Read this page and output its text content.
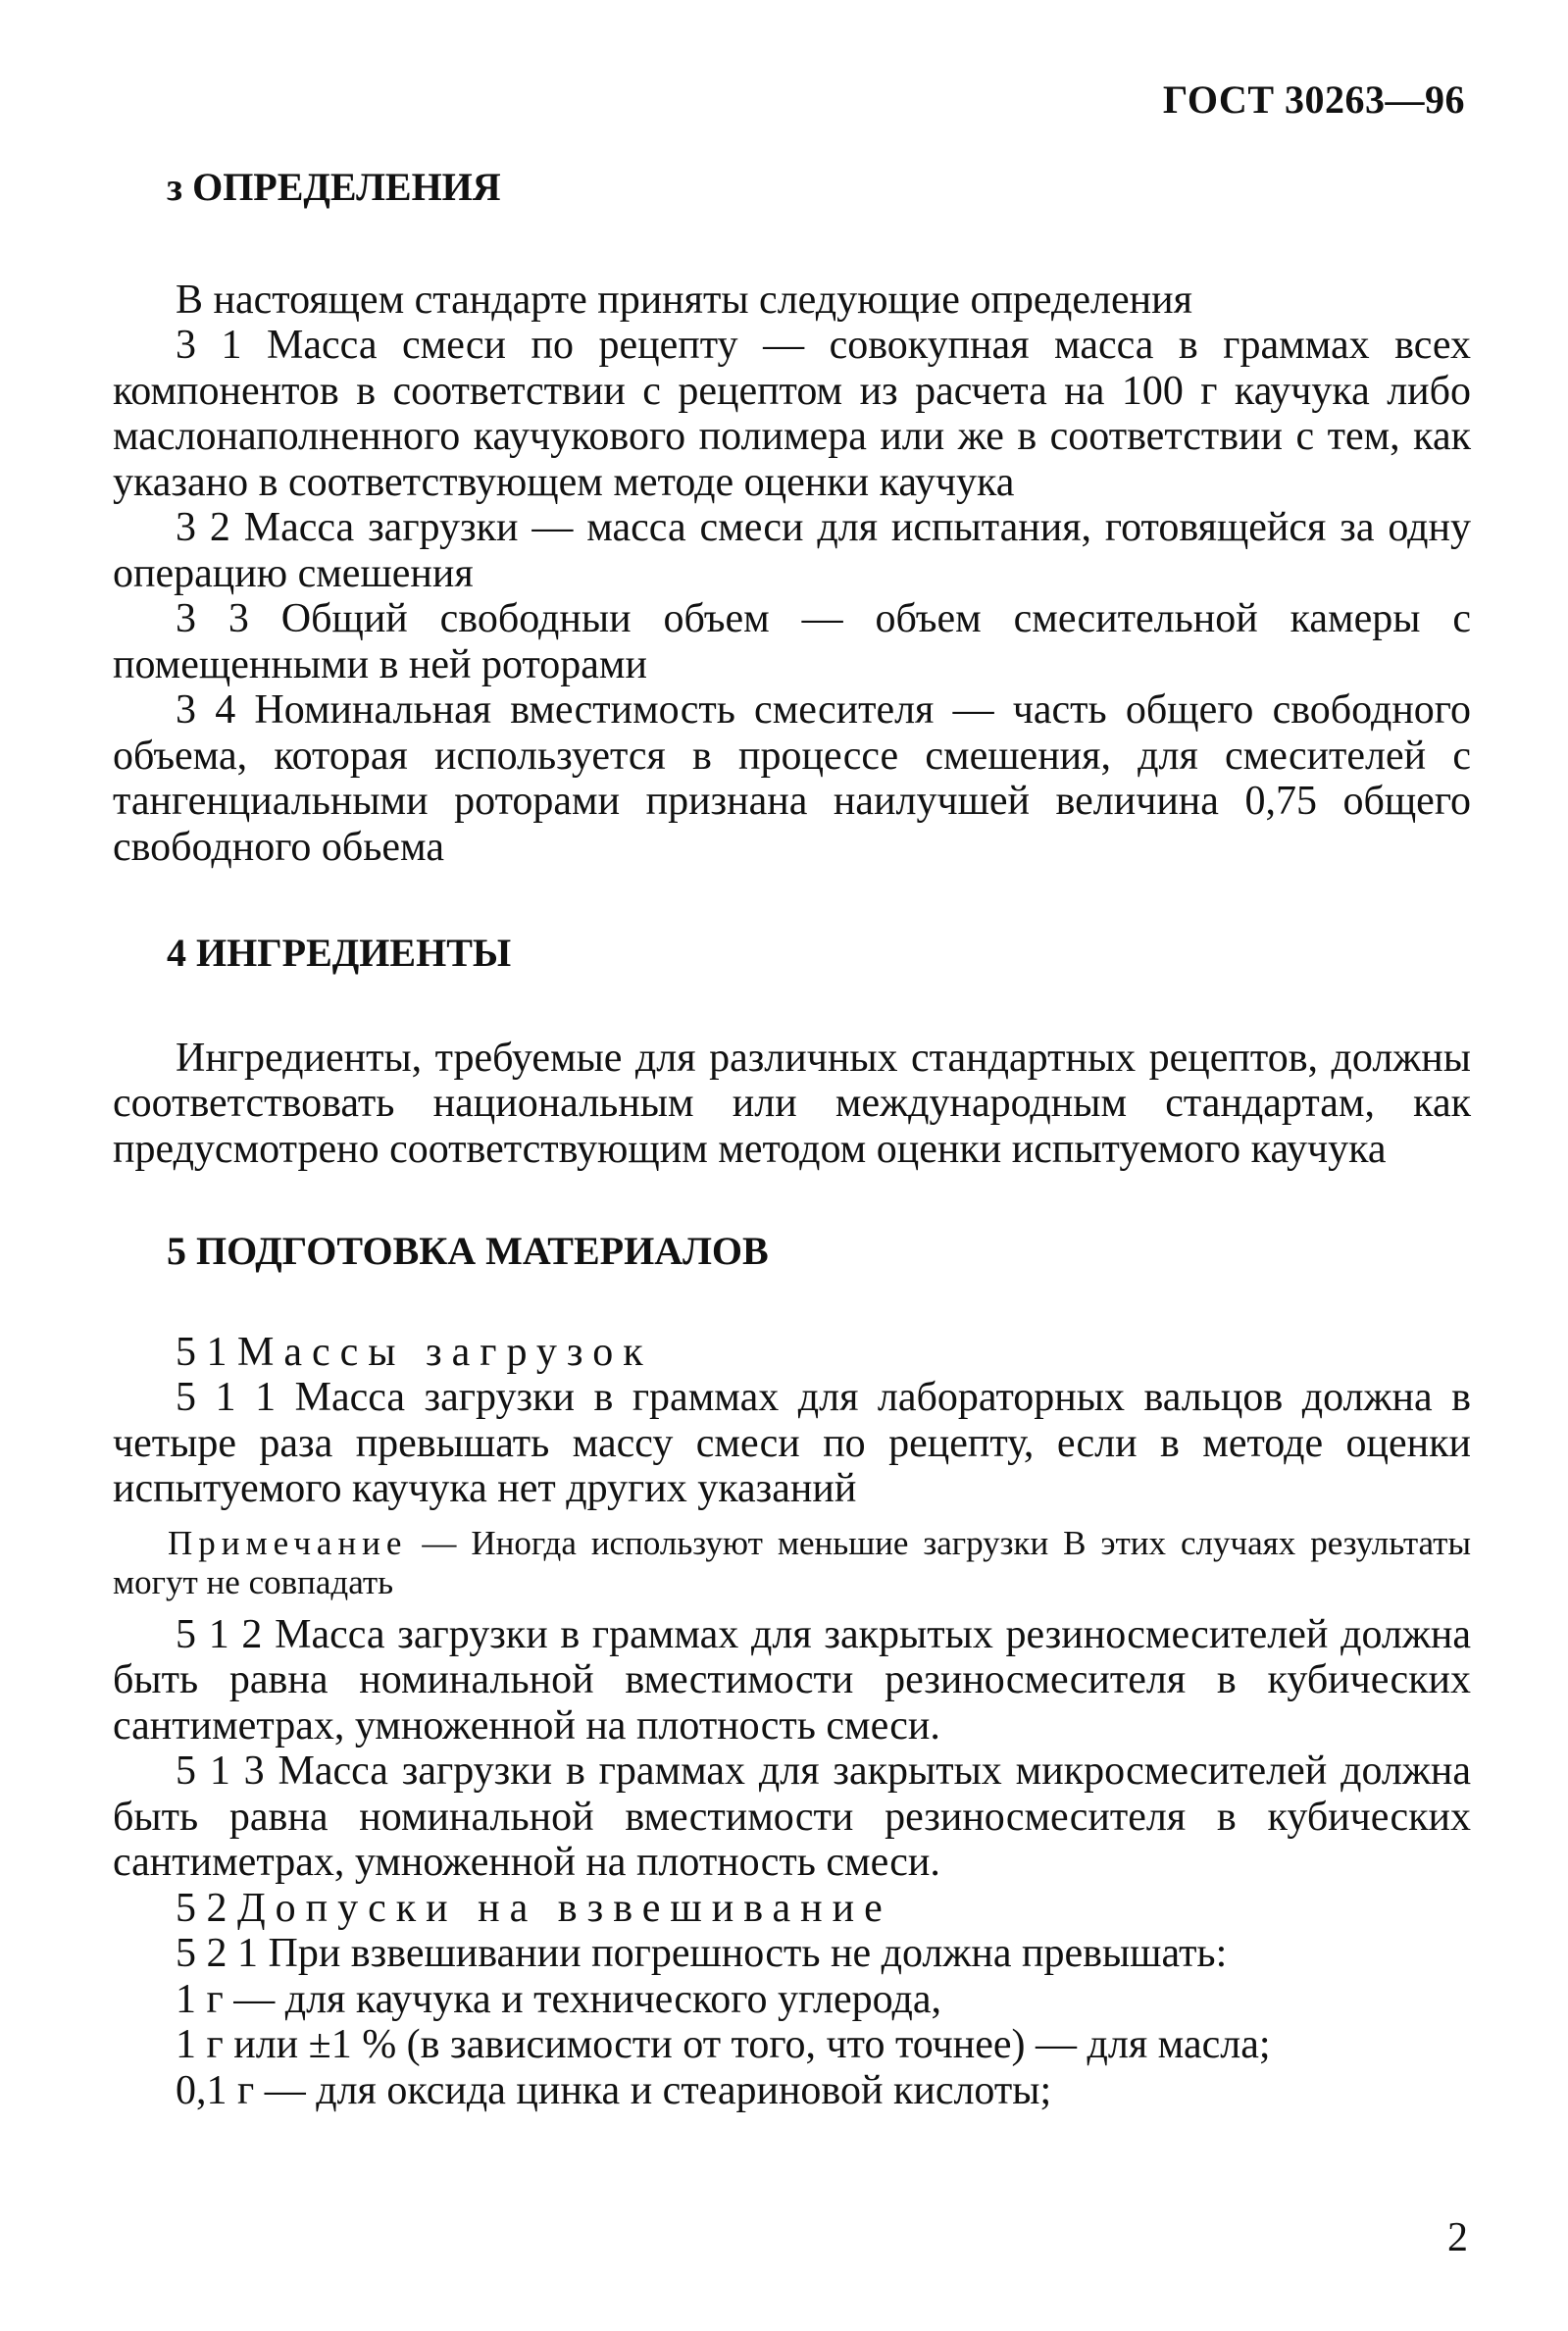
ГОСТ 30263—96
з ОПРЕДЕЛЕНИЯ

В настоящем стандарте приняты следующие определения

3 1 Масса смеси по рецепту — совокупная масса в граммах всех компонентов в соответствии с рецептом из расчета на 100 г каучука либо маслонаполненного каучукового полимера или же в соответствии с тем, как указано в соответствующем методе оценки каучука

3 2 Масса загрузки — масса смеси для испытания, готовящейся за одну операцию смешения

3 3 Общий свободныи объем — объем смесительной камеры с помещенными в ней роторами

3 4 Номинальная вместимость смесителя — часть общего свободного объема, которая используется в процессе смешения, для смесителей с тангенциальными роторами признана наилучшей величина 0,75 общего свободного обьема

4 ИНГРЕДИЕНТЫ

Ингредиенты, требуемые для различных стандартных рецептов, должны соответствовать национальным или международным стандартам, как предусмотрено соответствующим методом оценки испытуемого каучука

5 ПОДГОТОВКА МАТЕРИАЛОВ

5 1 Массы загрузок

5 1 1 Масса загрузки в граммах для лабораторных вальцов должна в четыре раза превышать массу смеси по рецепту, если в методе оценки испытуемого каучука нет других указаний

Примечание — Иногда используют меньшие загрузки В этих случаях результаты могут не совпадать

5 1 2 Масса загрузки в граммах для закрытых резиносмесителей должна быть равна номинальной вместимости резиносмесителя в кубических сантиметрах, умноженной на плотность смеси.

5 1 3 Масса загрузки в граммах для закрытых микросмесителей должна быть равна номинальной вместимости резиносмесителя в кубических сантиметрах, умноженной на плотность смеси.

5 2 Допуски на взвешивание

5 2 1 При взвешивании погрешность не должна превышать:

1 г — для каучука и технического углерода,

1 г или ±1 % (в зависимости от того, что точнее) — для масла;

0,1 г — для оксида цинка и стеариновой кислоты;

2
